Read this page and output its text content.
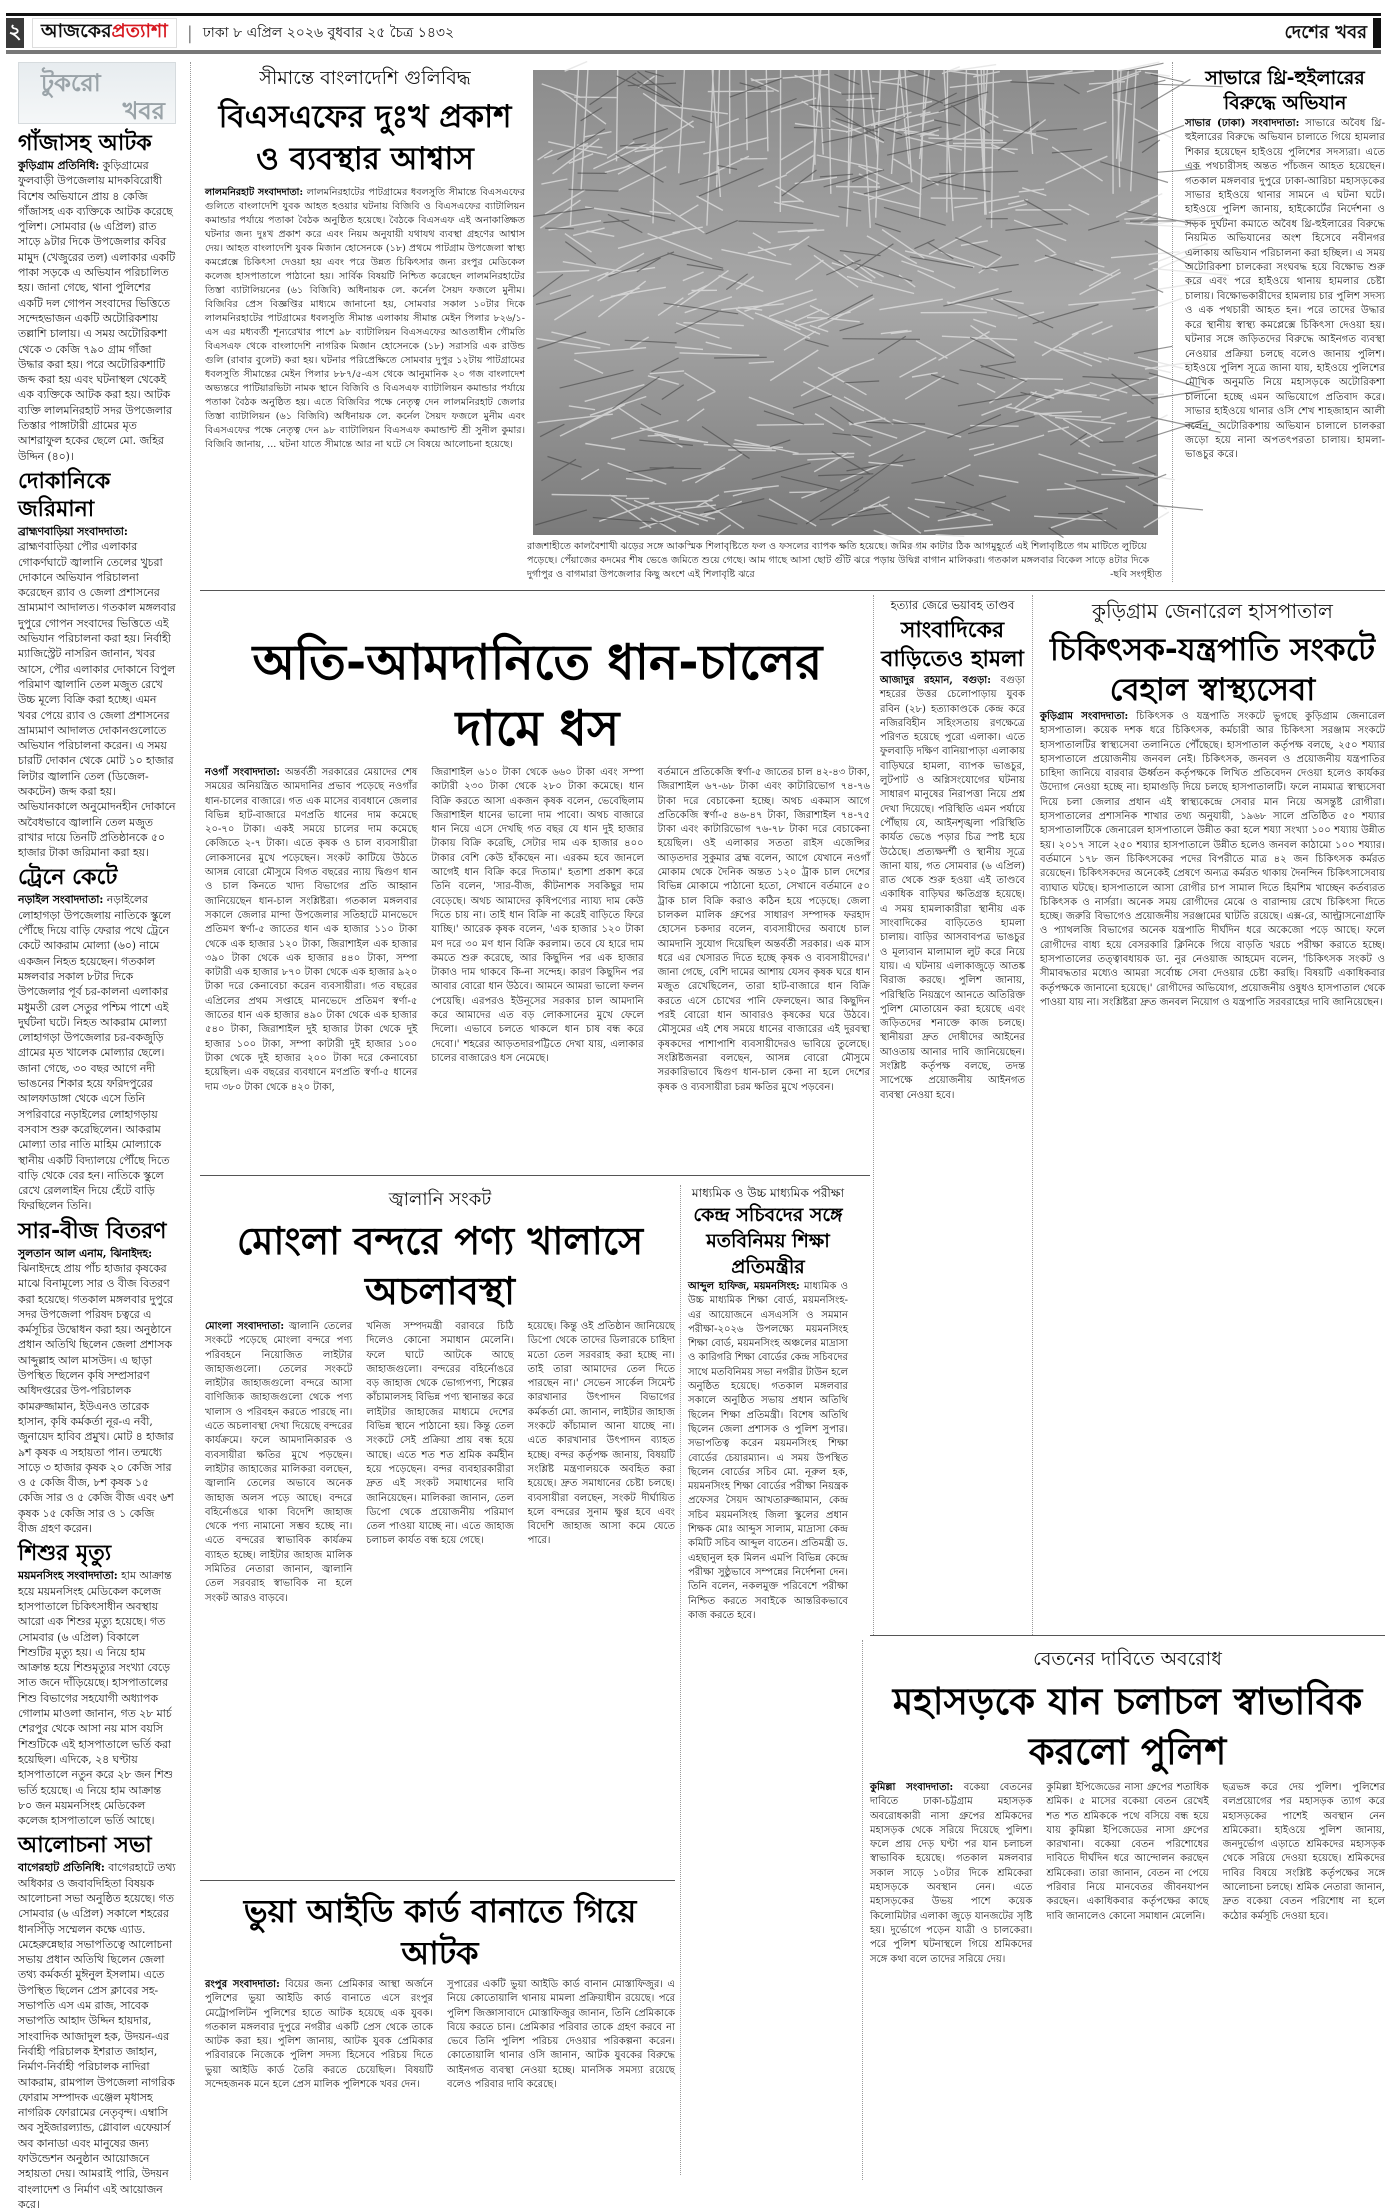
২ আজকের প্রত্যাশা | ঢাকা ৮ এপ্রিল ২০২৬ বুধবার ২৫ চৈত্র ১৪৩২	দেশের খবর
টুকরো
খবর
গাঁজাসহ আটক

কুড়িগ্রাম প্রতিনিধি: কুড়িগ্রামের ফুলবাড়ী উপজেলায় মাদকবিরোধী বিশেষ অভিযানে প্রায় ৪ কেজি গাঁজাসহ এক ব্যক্তিকে আটক করেছে পুলিশ। সোমবার (৬ এপ্রিল) রাত সাড়ে ৯টার দিকে উপজেলার কবির মামুদ (খেজুরের তল) এলাকার একটি পাকা সড়কে এ অভিযান পরিচালিত হয়। জানা গেছে, থানা পুলিশের একটি দল গোপন সংবাদের ভিত্তিতে সন্দেহভাজন একটি অটোরিকশায় তল্লাশি চালায়। এ সময় অটোরিকশা থেকে ৩ কেজি ৭৯০ গ্রাম গাঁজা উদ্ধার করা হয়। পরে অটোরিকশাটি জব্দ করা হয় এবং ঘটনাস্থল থেকেই এক ব্যক্তিকে আটক করা হয়। আটক ব্যক্তি লালমনিরহাট সদর উপজেলার তিস্তার পাঙ্গাটারী গ্রামের মৃত আশরাফুল হকের ছেলে মো. জহির উদ্দিন (৪০)।

দোকানিকে জরিমানা

ব্রাহ্মণবাড়িয়া সংবাদদাতা: ব্রাহ্মণবাড়িয়া পৌর এলাকার গোকর্ণঘাটে জ্বালানি তেলের খুচরা দোকানে অভিযান পরিচালনা করেছেন র‍্যাব ও জেলা প্রশাসনের ভ্রাম্যমাণ আদালত। গতকাল মঙ্গলবার দুপুরে গোপন সংবাদের ভিত্তিতে এই অভিযান পরিচালনা করা হয়। নির্বাহী ম্যাজিস্ট্রেট নাসরিন জানান, খবর আসে, পৌর এলাকার দোকানে বিপুল পরিমাণ জ্বালানি তেল মজুত রেখে উচ্চ মূল্যে বিক্রি করা হচ্ছে। এমন খবর পেয়ে র‍্যাব ও জেলা প্রশাসনের ভ্রাম্যমাণ আদালত দোকানগুলোতে অভিযান পরিচালনা করেন। এ সময় চারটি দোকান থেকে মোট ১০ হাজার লিটার জ্বালানি তেল (ডিজেল-অকটেন) জব্দ করা হয়। অভিযানকালে অনুমোদনহীন দোকানে অবৈধভাবে জ্বালানি তেল মজুত রাখার দায়ে তিনটি প্রতিষ্ঠানকে ৫০ হাজার টাকা জরিমানা করা হয়।

ট্রেনে কেটে

নড়াইল সংবাদদাতা: নড়াইলের লোহাগড়া উপজেলায় নাতিকে স্কুলে পৌঁছে দিয়ে বাড়ি ফেরার পথে ট্রেনে কেটে আকরাম মোল্যা (৬০) নামে একজন নিহত হয়েছেন। গতকাল মঙ্গলবার সকাল ৮টার দিকে উপজেলার পূর্ব চর-কালনা এলাকার মধুমতী রেল সেতুর পশ্চিম পাশে এই দুর্ঘটনা ঘটে। নিহত আকরাম মোল্যা লোহাগড়া উপজেলার চর-বকজুড়ি গ্রামের মৃত খালেক মোল্যার ছেলে। জানা গেছে, ৩০ বছর আগে নদী ভাঙনের শিকার হয়ে ফরিদপুরের আলফাডাঙ্গা থেকে এসে তিনি সপরিবারে নড়াইলের লোহাগড়ায় বসবাস শুরু করেছিলেন। আকরাম মোল্যা তার নাতি মাহিম মোল্যাকে স্থানীয় একটি বিদ্যালয়ে পৌঁছে দিতে বাড়ি থেকে বের হন। নাতিকে স্কুলে রেখে রেললাইন দিয়ে হেঁটে বাড়ি ফিরছিলেন তিনি।

সার-বীজ বিতরণ

সুলতান আল এনাম, ঝিনাইদহ: ঝিনাইদহে প্রায় পাঁচ হাজার কৃষকের মাঝে বিনামূল্যে সার ও বীজ বিতরণ করা হয়েছে। গতকাল মঙ্গলবার দুপুরে সদর উপজেলা পরিষদ চত্বরে এ কর্মসূচির উদ্বোধন করা হয়। অনুষ্ঠানে প্রধান অতিথি ছিলেন জেলা প্রশাসক আব্দুল্লাহ আল মাসউদ। এ ছাড়া উপস্থিত ছিলেন কৃষি সম্প্রসারণ অধিদপ্তরের উপ-পরিচালক কামরুজ্জামান, ইউএনও তারেক হাসান, কৃষি কর্মকর্তা নূর-এ নবী, জুনায়েদ হাবিব প্রমুখ। মোট ৪ হাজার ৯শ কৃষক এ সহায়তা পান। তন্মধ্যে সাড়ে ৩ হাজার কৃষক ২০ কেজি সার ও ৫ কেজি বীজ, ৮শ কৃষক ১৫ কেজি সার ও ৫ কেজি বীজ এবং ৬শ কৃষক ১৫ কেজি সার ও ১ কেজি বীজ গ্রহণ করেন।

শিশুর মৃত্যু

ময়মনসিংহ সংবাদদাতা: হাম আক্রান্ত হয়ে ময়মনসিংহ মেডিকেল কলেজ হাসপাতালে চিকিৎসাধীন অবস্থায় আরো এক শিশুর মৃত্যু হয়েছে। গত সোমবার (৬ এপ্রিল) বিকালে শিশুটির মৃত্যু হয়। এ নিয়ে হাম আক্রান্ত হয়ে শিশুমৃত্যুর সংখ্যা বেড়ে সাত জনে দাঁড়িয়েছে। হাসপাতালের শিশু বিভাগের সহযোগী অধ্যাপক গোলাম মাওলা জানান, গত ২৮ মার্চ শেরপুর থেকে আসা নয় মাস বয়সি শিশুটিকে এই হাসপাতালে ভর্তি করা হয়েছিল। এদিকে, ২৪ ঘণ্টায় হাসপাতালে নতুন করে ২৮ জন শিশু ভর্তি হয়েছে। এ নিয়ে হাম আক্রান্ত ৮০ জন ময়মনসিংহ মেডিকেল কলেজ হাসপাতালে ভর্তি আছে।

আলোচনা সভা

বাগেরহাট প্রতিনিধি: বাগেরহাটে তথ্য অধিকার ও জবাবদিহিতা বিষয়ক আলোচনা সভা অনুষ্ঠিত হয়েছে। গত সোমবার (৬ এপ্রিল) সকালে শহরের ধানসিঁড়ি সম্মেলন কক্ষে এ্যাড. মেহেরুন্নেছার সভাপতিত্বে আলোচনা সভায় প্রধান অতিথি ছিলেন জেলা তথ্য কর্মকর্তা মুঈনুল ইসলাম। এতে উপস্থিত ছিলেন প্রেস ক্লাবের সহ-সভাপতি এস এম রাজ, সাবেক সভাপতি আহাদ উদ্দিন হায়দার, সাংবাদিক আজাদুল হক, উদয়ন-এর নির্বাহী পরিচালক ইশরাত জাহান, নির্মাণ-নির্বাহী পরিচালক নাদিরা আকরাম, রামপাল উপজেলা নাগরিক ফোরাম সম্পাদক এঞ্জেল মৃধাসহ নাগরিক ফোরামের নেতৃবৃন্দ। এম্বাসি অব সুইজারল্যান্ড, গ্লোবাল এফেয়ার্স অব কানাডা এবং মানুষের জন্য ফাউন্ডেশন অনুষ্ঠান আয়োজনে সহায়তা দেয়। আমরাই পারি, উদয়ন বাংলাদেশ ও নির্মাণ এই আয়োজন করে।

সীমান্তে বাংলাদেশি গুলিবিদ্ধ
বিএসএফের দুঃখ প্রকাশ ও ব্যবস্থার আশ্বাস

লালমনিরহাট সংবাদদাতা: লালমনিরহাটের পাটগ্রামের ধবলসুতি সীমান্তে বিএসএফের গুলিতে বাংলাদেশি যুবক আহত হওয়ার ঘটনায় বিজিবি ও বিএসএফের ব্যাটালিয়ন কমান্ডার পর্যায়ে পতাকা বৈঠক অনুষ্ঠিত হয়েছে। বৈঠকে বিএসএফ এই অনাকাঙ্ক্ষিত ঘটনার জন্য দুঃখ প্রকাশ করে এবং নিয়ম অনুযায়ী যথাযথ ব্যবস্থা গ্রহণের আশ্বাস দেয়। আহত বাংলাদেশি যুবক মিজান হোসেনকে (১৮) প্রথমে পাটগ্রাম উপজেলা স্বাস্থ্য কমপ্লেক্সে চিকিৎসা দেওয়া হয় এবং পরে উন্নত চিকিৎসার জন্য রংপুর মেডিকেল কলেজ হাসপাতালে পাঠানো হয়। সার্বিক বিষয়টি নিশ্চিত করেছেন লালমনিরহাটের তিস্তা ব্যাটালিয়নের (৬১ বিজিবি) অধিনায়ক লে. কর্নেল সৈয়দ ফজলে মুনীম। বিজিবির প্রেস বিজ্ঞপ্তির মাধ্যমে জানানো হয়, সোমবার সকাল ১০টার দিকে লালমনিরহাটের পাটগ্রামের ধবলসুতি সীমান্ত এলাকায় সীমান্ত মেইন পিলার ৮২৬/১-এস এর মধ্যবর্তী শূন্যরেখার পাশে ৯৮ ব্যাটালিয়ন বিএসএফের আওতাধীন গৌমতি বিএসএফ থেকে বাংলাদেশি নাগরিক মিজান হোসেনকে (১৮) সরাসরি এক রাউন্ড গুলি (রাবার বুলেট) করা হয়। ঘটনার পরিপ্রেক্ষিতে সোমবার দুপুর ১২টায় পাটগ্রামের ধবলসুতি সীমান্তের মেইন পিলার ৮৮৭/৫-এস থেকে আনুমানিক ২০ গজ বাংলাদেশ অভ্যন্তরে পাটিয়ারভিটা নামক স্থানে বিজিবি ও বিএসএফ ব্যাটালিয়ন কমান্ডার পর্যায়ে পতাকা বৈঠক অনুষ্ঠিত হয়। এতে বিজিবির পক্ষে নেতৃত্ব দেন লালমনিরহাট জেলার তিস্তা ব্যাটালিয়ন (৬১ বিজিবি) অধিনায়ক লে. কর্নেল সৈয়দ ফজলে মুনীম এবং বিএসএফের পক্ষে নেতৃত্ব দেন ৯৮ ব্যাটালিয়ন বিএসএফ কমান্ডান্ট শ্রী সুনীল কুমার। বিজিবি জানায়, ... ঘটনা যাতে সীমান্তে আর না ঘটে সে বিষয়ে আলোচনা হয়েছে।

রাজশাহীতে কালবৈশাখী ঝড়ের সঙ্গে আকস্মিক শিলাবৃষ্টিতে ফল ও ফসলের ব্যাপক ক্ষতি হয়েছে। জমির গম কাটার ঠিক আগমুহূর্তে এই শিলাবৃষ্টিতে গম মাটিতে লুটিয়ে পড়েছে। পেঁয়াজের কদমের শীষ ভেঙে জমিতে শুয়ে গেছে। আম গাছে আসা ছোট গুঁটি ঝরে পড়ায় উদ্বিগ্ন বাগান মালিকরা। গতকাল মঙ্গলবার বিকেল সাড়ে ৪টার দিকে দুর্গাপুর ও বাগমারা উপজেলার কিছু অংশে এই শিলাবৃষ্টি ঝরে	-ছবি সংগৃহীত

সাভারে থ্রি-হুইলারের বিরুদ্ধে অভিযান

সাভার (ঢাকা) সংবাদদাতা: সাভারে অবৈধ থ্রি-হুইলারের বিরুদ্ধে অভিযান চালাতে গিয়ে হামলার শিকার হয়েছেন হাইওয়ে পুলিশের সদস্যরা। এতে এক পথচারীসহ অন্তত পাঁচজন আহত হয়েছেন। গতকাল মঙ্গলবার দুপুরে ঢাকা-আরিচা মহাসড়কের সাভার হাইওয়ে থানার সামনে এ ঘটনা ঘটে। হাইওয়ে পুলিশ জানায়, হাইকোর্টের নির্দেশনা ও সড়ক দুর্ঘটনা কমাতে অবৈধ থ্রি-হুইলারের বিরুদ্ধে নিয়মিত অভিযানের অংশ হিসেবে নবীনগর এলাকায় অভিযান পরিচালনা করা হচ্ছিল। এ সময় অটোরিকশা চালকেরা সংঘবদ্ধ হয়ে বিক্ষোভ শুরু করে এবং পরে হাইওয়ে থানায় হামলার চেষ্টা চালায়। বিক্ষোভকারীদের হামলায় চার পুলিশ সদস্য ও এক পথচারী আহত হন। পরে তাদের উদ্ধার করে স্থানীয় স্বাস্থ্য কমপ্লেক্সে চিকিৎসা দেওয়া হয়। ঘটনার সঙ্গে জড়িতদের বিরুদ্ধে আইনগত ব্যবস্থা নেওয়ার প্রক্রিয়া চলছে বলেও জানায় পুলিশ। হাইওয়ে পুলিশ সূত্রে জানা যায়, হাইওয়ে পুলিশের মৌখিক অনুমতি নিয়ে মহাসড়কে অটোরিকশা চালানো হচ্ছে এমন অভিযোগে প্রতিবাদ করে। সাভার হাইওয়ে থানার ওসি শেখ শাহজাহান আলী বলেন, অটোরিকশায় অভিযান চালালে চালকরা জড়ো হয়ে নানা অপতৎপরতা চালায়। হামলা-ভাঙচুর করে।

অতি-আমদানিতে ধান-চালের দামে ধস

নওগাঁ সংবাদদাতা: অন্তর্বর্তী সরকারের মেয়াদের শেষ সময়ের অনিয়ন্ত্রিত আমদানির প্রভাব পড়েছে নওগাঁর ধান-চালের বাজারে। গত এক মাসের ব্যবধানে জেলার বিভিন্ন হাট-বাজারে মণপ্রতি ধানের দাম কমেছে ২০-৭০ টাকা। একই সময়ে চালের দাম কমেছে কেজিতে ২-৭ টাকা। এতে কৃষক ও চাল ব্যবসায়ীরা লোকসানের মুখে পড়েছেন। সংকট কাটিয়ে উঠতে আসন্ন বোরো মৌসুমে বিগত বছরের ন্যায় দ্বিগুণ ধান ও চাল কিনতে খাদ্য বিভাগের প্রতি আহ্বান জানিয়েছেন ধান-চাল সংশ্লিষ্টরা। গতকাল মঙ্গলবার সকালে জেলার মান্দা উপজেলার সতিহাটে মানভেদে প্রতিমণ স্বর্ণা-৫ জাতের ধান এক হাজার ১১০ টাকা থেকে এক হাজার ১২০ টাকা, জিরাশাইল এক হাজার ৩৯০ টাকা থেকে এক হাজার ৪৪০ টাকা, সম্পা কাটারী এক হাজার ৮৭০ টাকা থেকে এক হাজার ৯২০ টাকা দরে কেনাবেচা করেন ব্যবসায়ীরা। গত বছরের এপ্রিলের প্রথম সপ্তাহে মানভেদে প্রতিমণ স্বর্ণা-৫ জাতের ধান এক হাজার ৪৯০ টাকা থেকে এক হাজার ৫৪০ টাকা, জিরাশাইল দুই হাজার টাকা থেকে দুই হাজার ১০০ টাকা, সম্পা কাটারী দুই হাজার ১০০ টাকা থেকে দুই হাজার ২০০ টাকা দরে কেনাবেচা হয়েছিল। এক বছরের ব্যবধানে মণপ্রতি স্বর্ণা-৫ ধানের দাম ৩৮০ টাকা থেকে ৪২০ টাকা,

জিরাশাইল ৬১০ টাকা থেকে ৬৬০ টাকা এবং সম্পা কাটারী ২৩০ টাকা থেকে ২৮০ টাকা কমেছে। ধান বিক্রি করতে আসা একজন কৃষক বলেন, ভেবেছিলাম জিরাশাইল ধানের ভালো দাম পাবো। অথচ বাজারে ধান নিয়ে এসে দেখছি গত বছর যে ধান দুই হাজার টাকায় বিক্রি করেছি, সেটার দাম এক হাজার ৪০০ টাকার বেশি কেউ হাঁকছেন না। এরকম হবে জানলে আগেই ধান বিক্রি করে দিতাম।' হতাশা প্রকাশ করে তিনি বলেন, 'সার-বীজ, কীটনাশক সবকিছুর দাম বেড়েছে। অথচ আমাদের কৃষিপণ্যের ন্যায্য দাম কেউ দিতে চায় না। তাই ধান বিক্রি না করেই বাড়িতে ফিরে যাচ্ছি।' আরেক কৃষক বলেন, 'এক হাজার ১২০ টাকা মণ দরে ৩০ মণ ধান বিক্রি করলাম। তবে যে হারে দাম কমতে শুরু করেছে, আর কিছুদিন পর এক হাজার টাকাও দাম থাকবে কি-না সন্দেহ। কারণ কিছুদিন পর আবার বোরো ধান উঠবে। আমনে আমরা ভালো ফলন পেয়েছি। এরপরও ইউনূসের সরকার চাল আমদানি করে আমাদের এত বড় লোকসানের মুখে ফেলে দিলো। এভাবে চলতে থাকলে ধান চাষ বন্ধ করে দেবো।' শহরের আড়তদারপট্টিতে দেখা যায়, এলাকার চালের বাজারেও ধস নেমেছে।

বর্তমানে প্রতিকেজি স্বর্ণা-৫ জাতের চাল ৪২-৪৩ টাকা, জিরাশাইল ৬৭-৬৮ টাকা এবং কাটারিভোগ ৭৪-৭৬ টাকা দরে বেচাকেনা হচ্ছে। অথচ একমাস আগে প্রতিকেজি স্বর্ণা-৫ ৪৬-৪৭ টাকা, জিরাশাইল ৭৪-৭৫ টাকা এবং কাটারিভোগ ৭৬-৭৮ টাকা দরে বেচাকেনা হয়েছিল। ওই এলাকার সততা রাইস এজেন্সির আড়তদার সুকুমার ব্রহ্ম বলেন, আগে যেখানে নওগাঁ মোকাম থেকে দৈনিক অন্তত ১২০ ট্রাক চাল দেশের বিভিন্ন মোকামে পাঠানো হতো, সেখানে বর্তমানে ৫০ ট্রাক চাল বিক্রি করাও কঠিন হয়ে পড়েছে। জেলা চালকল মালিক গ্রুপের সাধারণ সম্পাদক ফরহাদ হোসেন চকদার বলেন, ব্যবসায়ীদের অবাধে চাল আমদানি সুযোগ দিয়েছিল অন্তর্বর্তী সরকার। এক মাস ধরে এর খেসারত দিতে হচ্ছে কৃষক ও ব্যবসায়ীদের।' জানা গেছে, বেশি দামের আশায় যেসব কৃষক ঘরে ধান মজুত রেখেছিলেন, তারা হাট-বাজারে ধান বিক্রি করতে এসে চোখের পানি ফেলছেন। আর কিছুদিন পরই বোরো ধান আবারও কৃষকের ঘরে উঠবে। মৌসুমের এই শেষ সময়ে ধানের বাজারের এই দুরবস্থা কৃষকদের পাশাপাশি ব্যবসায়ীদেরও ভাবিয়ে তুলেছে। সংশ্লিষ্টজনরা বলছেন, আসন্ন বোরো মৌসুমে সরকারিভাবে দ্বিগুণ ধান-চাল কেনা না হলে দেশের কৃষক ও ব্যবসায়ীরা চরম ক্ষতির মুখে পড়বেন।

হত্যার জেরে ভয়াবহ তাণ্ডব
সাংবাদিকের বাড়িতেও হামলা

আজাদুর রহমান, বগুড়া: বগুড়া শহরের উত্তর চেলোপাড়ায় যুবক রবিন (২৮) হত্যাকাণ্ডকে কেন্দ্র করে নজিরবিহীন সহিংসতায় রণক্ষেত্রে পরিণত হয়েছে পুরো এলাকা। এতে ফুলবাড়ি দক্ষিণ বানিয়াপাড়া এলাকায় বাড়িঘরে হামলা, ব্যাপক ভাঙচুর, লুটপাট ও অগ্নিসংযোগের ঘটনায় সাধারণ মানুষের নিরাপত্তা নিয়ে প্রশ্ন দেখা দিয়েছে। পরিস্থিতি এমন পর্যায়ে পৌঁছায় যে, আইনশৃঙ্খলা পরিস্থিতি কার্যত ভেঙে পড়ার চিত্র স্পষ্ট হয়ে উঠেছে। প্রত্যক্ষদর্শী ও স্থানীয় সূত্রে জানা যায়, গত সোমবার (৬ এপ্রিল) রাত থেকে শুরু হওয়া এই তাণ্ডবে একাধিক বাড়িঘর ক্ষতিগ্রস্ত হয়েছে। এ সময় হামলাকারীরা স্থানীয় এক সাংবাদিকের বাড়িতেও হামলা চালায়। বাড়ির আসবাবপত্র ভাঙচুর ও মূল্যবান মালামাল লুট করে নিয়ে যায়। এ ঘটনায় এলাকাজুড়ে আতঙ্ক বিরাজ করছে। পুলিশ জানায়, পরিস্থিতি নিয়ন্ত্রণে আনতে অতিরিক্ত পুলিশ মোতায়েন করা হয়েছে এবং জড়িতদের শনাক্তে কাজ চলছে। স্থানীয়রা দ্রুত দোষীদের আইনের আওতায় আনার দাবি জানিয়েছেন। সংশ্লিষ্ট কর্তৃপক্ষ বলছে, তদন্ত সাপেক্ষে প্রয়োজনীয় আইনগত ব্যবস্থা নেওয়া হবে।

কুড়িগ্রাম জেনারেল হাসপাতাল
চিকিৎসক-যন্ত্রপাতি সংকটে বেহাল স্বাস্থ্যসেবা

কুড়িগ্রাম সংবাদদাতা: চিকিৎসক ও যন্ত্রপাতি সংকটে ভুগছে কুড়িগ্রাম জেনারেল হাসপাতাল। কয়েক দশক ধরে চিকিৎসক, কর্মচারী আর চিকিৎসা সরঞ্জাম সংকটে হাসপাতালটির স্বাস্থ্যসেবা তলানিতে পৌঁছেছে। হাসপাতাল কর্তৃপক্ষ বলছে, ২৫০ শয্যার হাসপাতালে প্রয়োজনীয় জনবল নেই। চিকিৎসক, জনবল ও প্রয়োজনীয় যন্ত্রপাতির চাহিদা জানিয়ে বারবার ঊর্ধ্বতন কর্তৃপক্ষকে লিখিত প্রতিবেদন দেওয়া হলেও কার্যকর উদ্যোগ নেওয়া হচ্ছে না। হামাগুড়ি দিয়ে চলছে হাসপাতালটি। ফলে নামমাত্র স্বাস্থ্যসেবা দিয়ে চলা জেলার প্রধান এই স্বাস্থ্যকেন্দ্রে সেবার মান নিয়ে অসন্তুষ্ট রোগীরা। হাসপাতালের প্রশাসনিক শাখার তথ্য অনুযায়ী, ১৯৬৮ সালে প্রতিষ্ঠিত ৫০ শয্যার হাসপাতালটিকে জেনারেল হাসপাতালে উন্নীত করা হলে শয্যা সংখ্যা ১০০ শয্যায় উন্নীত হয়। ২০১৭ সালে ২৫০ শয্যার হাসপাতালে উন্নীত হলেও জনবল কাঠামো ১০০ শয্যার। বর্তমানে ১৭৮ জন চিকিৎসকের পদের বিপরীতে মাত্র ৪২ জন চিকিৎসক কর্মরত রয়েছেন। চিকিৎসকদের অনেকেই প্রেষণে অন্যত্র কর্মরত থাকায় দৈনন্দিন চিকিৎসাসেবায় ব্যাঘাত ঘটছে। হাসপাতালে আসা রোগীর চাপ সামাল দিতে হিমশিম খাচ্ছেন কর্তব্যরত চিকিৎসক ও নার্সরা। অনেক সময় রোগীদের মেঝে ও বারান্দায় রেখে চিকিৎসা দিতে হচ্ছে। জরুরি বিভাগেও প্রয়োজনীয় সরঞ্জামের ঘাটতি রয়েছে। এক্স-রে, আল্ট্রাসনোগ্রাফি ও প্যাথলজি বিভাগের অনেক যন্ত্রপাতি দীর্ঘদিন ধরে অকেজো পড়ে আছে। ফলে রোগীদের বাধ্য হয়ে বেসরকারি ক্লিনিকে গিয়ে বাড়তি খরচে পরীক্ষা করাতে হচ্ছে। হাসপাতালের তত্ত্বাবধায়ক ডা. নুর নেওয়াজ আহমেদ বলেন, 'চিকিৎসক সংকট ও সীমাবদ্ধতার মধ্যেও আমরা সর্বোচ্চ সেবা দেওয়ার চেষ্টা করছি। বিষয়টি একাধিকবার কর্তৃপক্ষকে জানানো হয়েছে।' রোগীদের অভিযোগ, প্রয়োজনীয় ওষুধও হাসপাতাল থেকে পাওয়া যায় না। সংশ্লিষ্টরা দ্রুত জনবল নিয়োগ ও যন্ত্রপাতি সরবরাহের দাবি জানিয়েছেন।

জ্বালানি সংকট
মোংলা বন্দরে পণ্য খালাসে অচলাবস্থা

মোংলা সংবাদদাতা: জ্বালানি তেলের সংকটে পড়েছে মোংলা বন্দরে পণ্য পরিবহনে নিয়োজিত লাইটার জাহাজগুলো। তেলের সংকটে লাইটার জাহাজগুলো বন্দরে আসা বাণিজ্যিক জাহাজগুলো থেকে পণ্য খালাস ও পরিবহন করতে পারছে না। এতে অচলাবস্থা দেখা দিয়েছে বন্দরের কার্যক্রমে। ফলে আমদানিকারক ও ব্যবসায়ীরা ক্ষতির মুখে পড়ছেন। লাইটার জাহাজের মালিকরা বলছেন, জ্বালানি তেলের অভাবে অনেক জাহাজ অলস পড়ে আছে। বন্দরে বহির্নোঙরে থাকা বিদেশি জাহাজ থেকে পণ্য নামানো সম্ভব হচ্ছে না। এতে বন্দরের স্বাভাবিক কার্যক্রম ব্যাহত হচ্ছে। লাইটার জাহাজ মালিক সমিতির নেতারা জানান, জ্বালানি তেল সরবরাহ স্বাভাবিক না হলে সংকট আরও বাড়বে।

খনিজ সম্পদমন্ত্রী বরাবরে চিঠি দিলেও কোনো সমাধান মেলেনি। ফলে ঘাটে আটকে আছে জাহাজগুলো। বন্দরের বহির্নোঙরে বড় জাহাজ থেকে ভোগ্যপণ্য, শিল্পের কাঁচামালসহ বিভিন্ন পণ্য স্থানান্তর করে লাইটার জাহাজের মাধ্যমে দেশের বিভিন্ন স্থানে পাঠানো হয়। কিন্তু তেল সংকটে সেই প্রক্রিয়া প্রায় বন্ধ হয়ে আছে। এতে শত শত শ্রমিক কর্মহীন হয়ে পড়েছেন। বন্দর ব্যবহারকারীরা দ্রুত এই সংকট সমাধানের দাবি জানিয়েছেন। মালিকরা জানান, তেল ডিপো থেকে প্রয়োজনীয় পরিমাণ তেল পাওয়া যাচ্ছে না। এতে জাহাজ চলাচল কার্যত বন্ধ হয়ে গেছে।

হয়েছে। কিন্তু ওই প্রতিষ্ঠান জানিয়েছে ডিপো থেকে তাদের ডিলারকে চাহিদা মতো তেল সরবরাহ করা হচ্ছে না। তাই তারা আমাদের তেল দিতে পারছেন না।' সেভেন সার্কেল সিমেন্ট কারখানার উৎপাদন বিভাগের কর্মকর্তা মো. জানান, লাইটার জাহাজ সংকটে কাঁচামাল আনা যাচ্ছে না। এতে কারখানার উৎপাদন ব্যাহত হচ্ছে। বন্দর কর্তৃপক্ষ জানায়, বিষয়টি সংশ্লিষ্ট মন্ত্রণালয়কে অবহিত করা হয়েছে। দ্রুত সমাধানের চেষ্টা চলছে। ব্যবসায়ীরা বলছেন, সংকট দীর্ঘায়িত হলে বন্দরের সুনাম ক্ষুণ্ণ হবে এবং বিদেশি জাহাজ আসা কমে যেতে পারে।

মাধ্যমিক ও উচ্চ মাধ্যমিক পরীক্ষা
কেন্দ্র সচিবদের সঙ্গে মতবিনিময় শিক্ষা প্রতিমন্ত্রীর

আব্দুল হাফিজ, ময়মনসিংহ: মাধ্যমিক ও উচ্চ মাধ্যমিক শিক্ষা বোর্ড, ময়মনসিংহ-এর আয়োজনে এসএসসি ও সমমান পরীক্ষা-২০২৬ উপলক্ষ্যে ময়মনসিংহ শিক্ষা বোর্ড, ময়মনসিংহ অঞ্চলের মাদ্রাসা ও কারিগরি শিক্ষা বোর্ডের কেন্দ্র সচিবদের সাথে মতবিনিময় সভা নগরীর টাউন হলে অনুষ্ঠিত হয়েছে। গতকাল মঙ্গলবার সকালে অনুষ্ঠিত সভায় প্রধান অতিথি ছিলেন শিক্ষা প্রতিমন্ত্রী। বিশেষ অতিথি ছিলেন জেলা প্রশাসক ও পুলিশ সুপার। সভাপতিত্ব করেন ময়মনসিংহ শিক্ষা বোর্ডের চেয়ারম্যান। এ সময় উপস্থিত ছিলেন বোর্ডের সচিব মো. নূরুল হক, ময়মনসিংহ শিক্ষা বোর্ডের পরীক্ষা নিয়ন্ত্রক প্রফেসর সৈয়দ আখতারুজ্জামান, কেন্দ্র সচিব ময়মনসিংহ জিলা স্কুলের প্রধান শিক্ষক মোঃ আব্দুস সালাম, মাদ্রাসা কেন্দ্র কমিটি সচিব আব্দুল বাতেন। প্রতিমন্ত্রী ড. এহছানুল হক মিলন এমপি বিভিন্ন কেন্দ্রে পরীক্ষা সুষ্ঠুভাবে সম্পন্নের নির্দেশনা দেন। তিনি বলেন, নকলমুক্ত পরিবেশে পরীক্ষা নিশ্চিত করতে সবাইকে আন্তরিকভাবে কাজ করতে হবে।

ভুয়া আইডি কার্ড বানাতে গিয়ে আটক

রংপুর সংবাদদাতা: বিয়ের জন্য প্রেমিকার আস্থা অর্জনে পুলিশের ভুয়া আইডি কার্ড বানাতে এসে রংপুর মেট্রোপলিটন পুলিশের হাতে আটক হয়েছে এক যুবক। গতকাল মঙ্গলবার দুপুরে নগরীর একটি প্রেস থেকে তাকে আটক করা হয়। পুলিশ জানায়, আটক যুবক প্রেমিকার পরিবারকে নিজেকে পুলিশ সদস্য হিসেবে পরিচয় দিতে ভুয়া আইডি কার্ড তৈরি করতে চেয়েছিল। বিষয়টি সন্দেহজনক মনে হলে প্রেস মালিক পুলিশকে খবর দেন।

সুপারের একটি ভুয়া আইডি কার্ড বানান মোস্তাফিজুর। এ নিয়ে কোতোয়ালি থানায় মামলা প্রক্রিয়াধীন রয়েছে। পরে পুলিশ জিজ্ঞাসাবাদে মোস্তাফিজুর জানান, তিনি প্রেমিকাকে বিয়ে করতে চান। প্রেমিকার পরিবার তাকে গ্রহণ করবে না ভেবে তিনি পুলিশ পরিচয় দেওয়ার পরিকল্পনা করেন। কোতোয়ালি থানার ওসি জানান, আটক যুবকের বিরুদ্ধে আইনগত ব্যবস্থা নেওয়া হচ্ছে। মানসিক সমস্যা রয়েছে বলেও পরিবার দাবি করেছে।

বেতনের দাবিতে অবরোধ
মহাসড়কে যান চলাচল স্বাভাবিক করলো পুলিশ

কুমিল্লা সংবাদদাতা: বকেয়া বেতনের দাবিতে ঢাকা-চট্টগ্রাম মহাসড়ক অবরোধকারী নাসা গ্রুপের শ্রমিকদের মহাসড়ক থেকে সরিয়ে দিয়েছে পুলিশ। ফলে প্রায় দেড় ঘণ্টা পর যান চলাচল স্বাভাবিক হয়েছে। গতকাল মঙ্গলবার সকাল সাড়ে ১০টার দিকে শ্রমিকেরা মহাসড়কে অবস্থান নেন। এতে মহাসড়কের উভয় পাশে কয়েক কিলোমিটার এলাকা জুড়ে যানজটের সৃষ্টি হয়। দুর্ভোগে পড়েন যাত্রী ও চালকেরা। পরে পুলিশ ঘটনাস্থলে গিয়ে শ্রমিকদের সঙ্গে কথা বলে তাদের সরিয়ে দেয়।

কুমিল্লা ইপিজেডের নাসা গ্রুপের শতাধিক শ্রমিক। ৫ মাসের বকেয়া বেতন রেখেই শত শত শ্রমিককে পথে বসিয়ে বন্ধ হয়ে যায় কুমিল্লা ইপিজেডের নাসা গ্রুপের কারখানা। বকেয়া বেতন পরিশোধের দাবিতে দীর্ঘদিন ধরে আন্দোলন করছেন শ্রমিকেরা। তারা জানান, বেতন না পেয়ে পরিবার নিয়ে মানবেতর জীবনযাপন করছেন। একাধিকবার কর্তৃপক্ষের কাছে দাবি জানালেও কোনো সমাধান মেলেনি।

ছত্রভঙ্গ করে দেয় পুলিশ। পুলিশের বলপ্রয়োগের পর মহাসড়ক ত্যাগ করে মহাসড়কের পাশেই অবস্থান নেন শ্রমিকেরা। হাইওয়ে পুলিশ জানায়, জনদুর্ভোগ এড়াতে শ্রমিকদের মহাসড়ক থেকে সরিয়ে দেওয়া হয়েছে। শ্রমিকদের দাবির বিষয়ে সংশ্লিষ্ট কর্তৃপক্ষের সঙ্গে আলোচনা চলছে। শ্রমিক নেতারা জানান, দ্রুত বকেয়া বেতন পরিশোধ না হলে কঠোর কর্মসূচি দেওয়া হবে।
